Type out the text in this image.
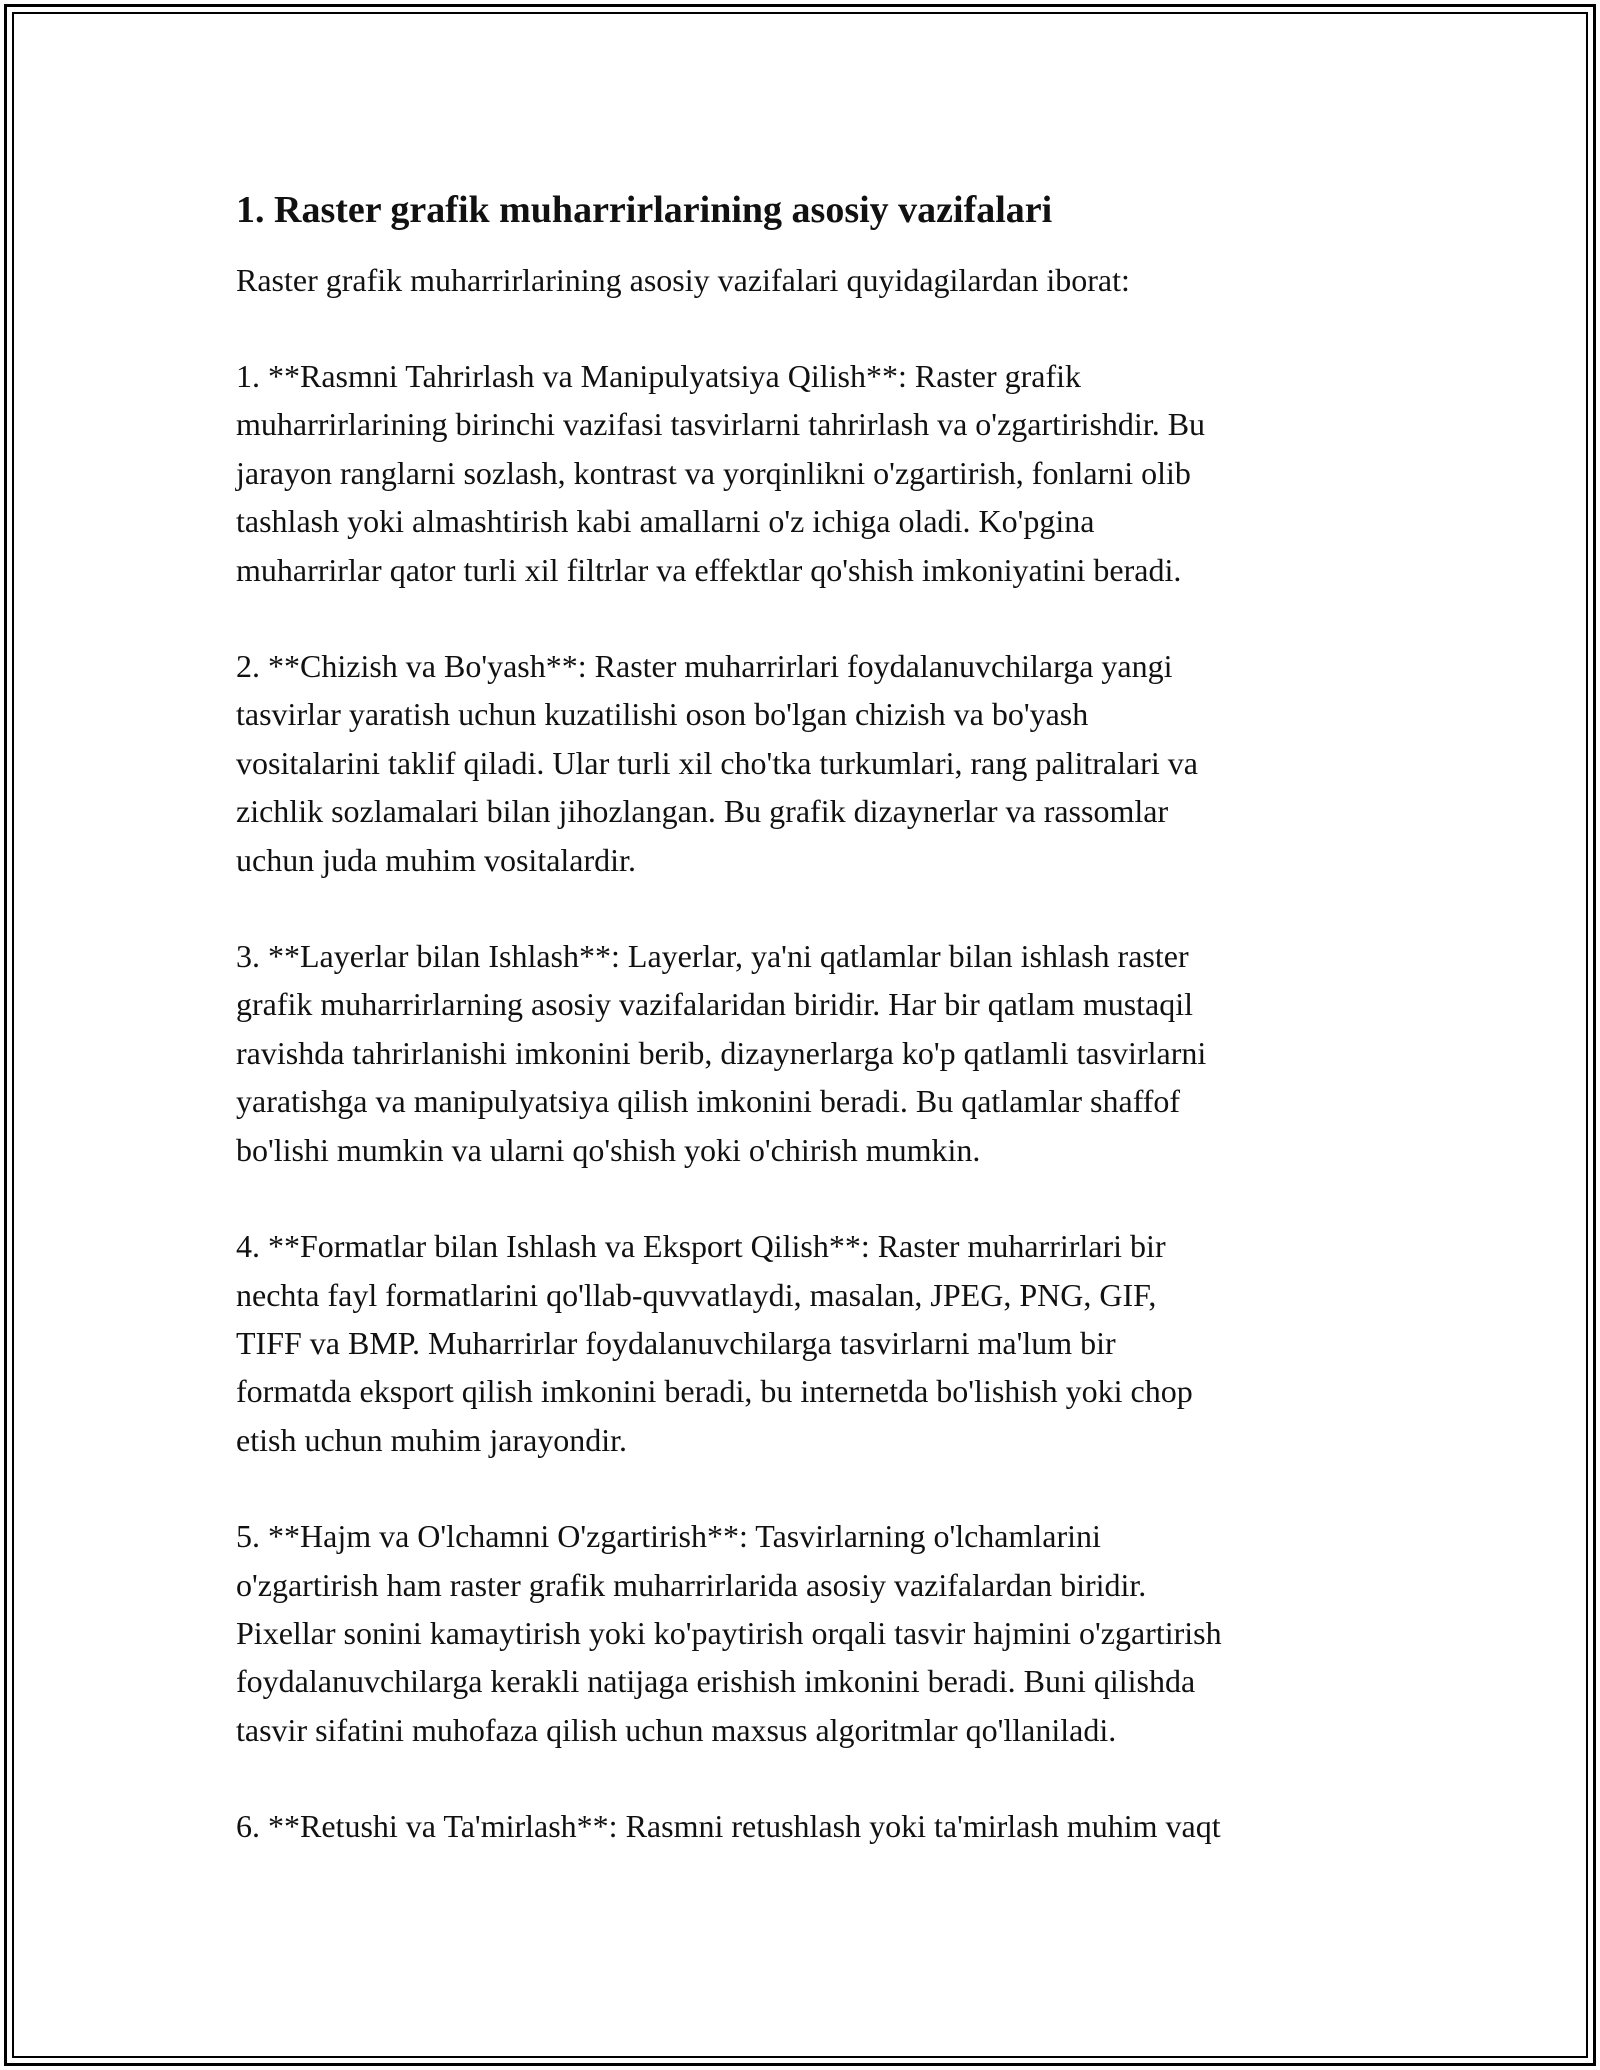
1. Raster grafik muharrirlarining asosiy vazifalari

Raster grafik muharrirlarining asosiy vazifalari quyidagilardan iborat:

1. **Rasmni Tahrirlash va Manipulyatsiya Qilish**: Raster grafik
muharrirlarining birinchi vazifasi tasvirlarni tahrirlash va o'zgartirishdir. Bu
jarayon ranglarni sozlash, kontrast va yorqinlikni o'zgartirish, fonlarni olib
tashlash yoki almashtirish kabi amallarni o'z ichiga oladi. Ko'pgina
muharrirlar qator turli xil filtrlar va effektlar qo'shish imkoniyatini beradi.

2. **Chizish va Bo'yash**: Raster muharrirlari foydalanuvchilarga yangi
tasvirlar yaratish uchun kuzatilishi oson bo'lgan chizish va bo'yash
vositalarini taklif qiladi. Ular turli xil cho'tka turkumlari, rang palitralari va
zichlik sozlamalari bilan jihozlangan. Bu grafik dizaynerlar va rassomlar
uchun juda muhim vositalardir.

3. **Layerlar bilan Ishlash**: Layerlar, ya'ni qatlamlar bilan ishlash raster
grafik muharrirlarning asosiy vazifalaridan biridir. Har bir qatlam mustaqil
ravishda tahrirlanishi imkonini berib, dizaynerlarga ko'p qatlamli tasvirlarni
yaratishga va manipulyatsiya qilish imkonini beradi. Bu qatlamlar shaffof
bo'lishi mumkin va ularni qo'shish yoki o'chirish mumkin.

4. **Formatlar bilan Ishlash va Eksport Qilish**: Raster muharrirlari bir
nechta fayl formatlarini qo'llab-quvvatlaydi, masalan, JPEG, PNG, GIF,
TIFF va BMP. Muharrirlar foydalanuvchilarga tasvirlarni ma'lum bir
formatda eksport qilish imkonini beradi, bu internetda bo'lishish yoki chop
etish uchun muhim jarayondir.

5. **Hajm va O'lchamni O'zgartirish**: Tasvirlarning o'lchamlarini
o'zgartirish ham raster grafik muharrirlarida asosiy vazifalardan biridir.
Pixellar sonini kamaytirish yoki ko'paytirish orqali tasvir hajmini o'zgartirish
foydalanuvchilarga kerakli natijaga erishish imkonini beradi. Buni qilishda
tasvir sifatini muhofaza qilish uchun maxsus algoritmlar qo'llaniladi.

6. **Retushi va Ta'mirlash**: Rasmni retushlash yoki ta'mirlash muhim vaqt
